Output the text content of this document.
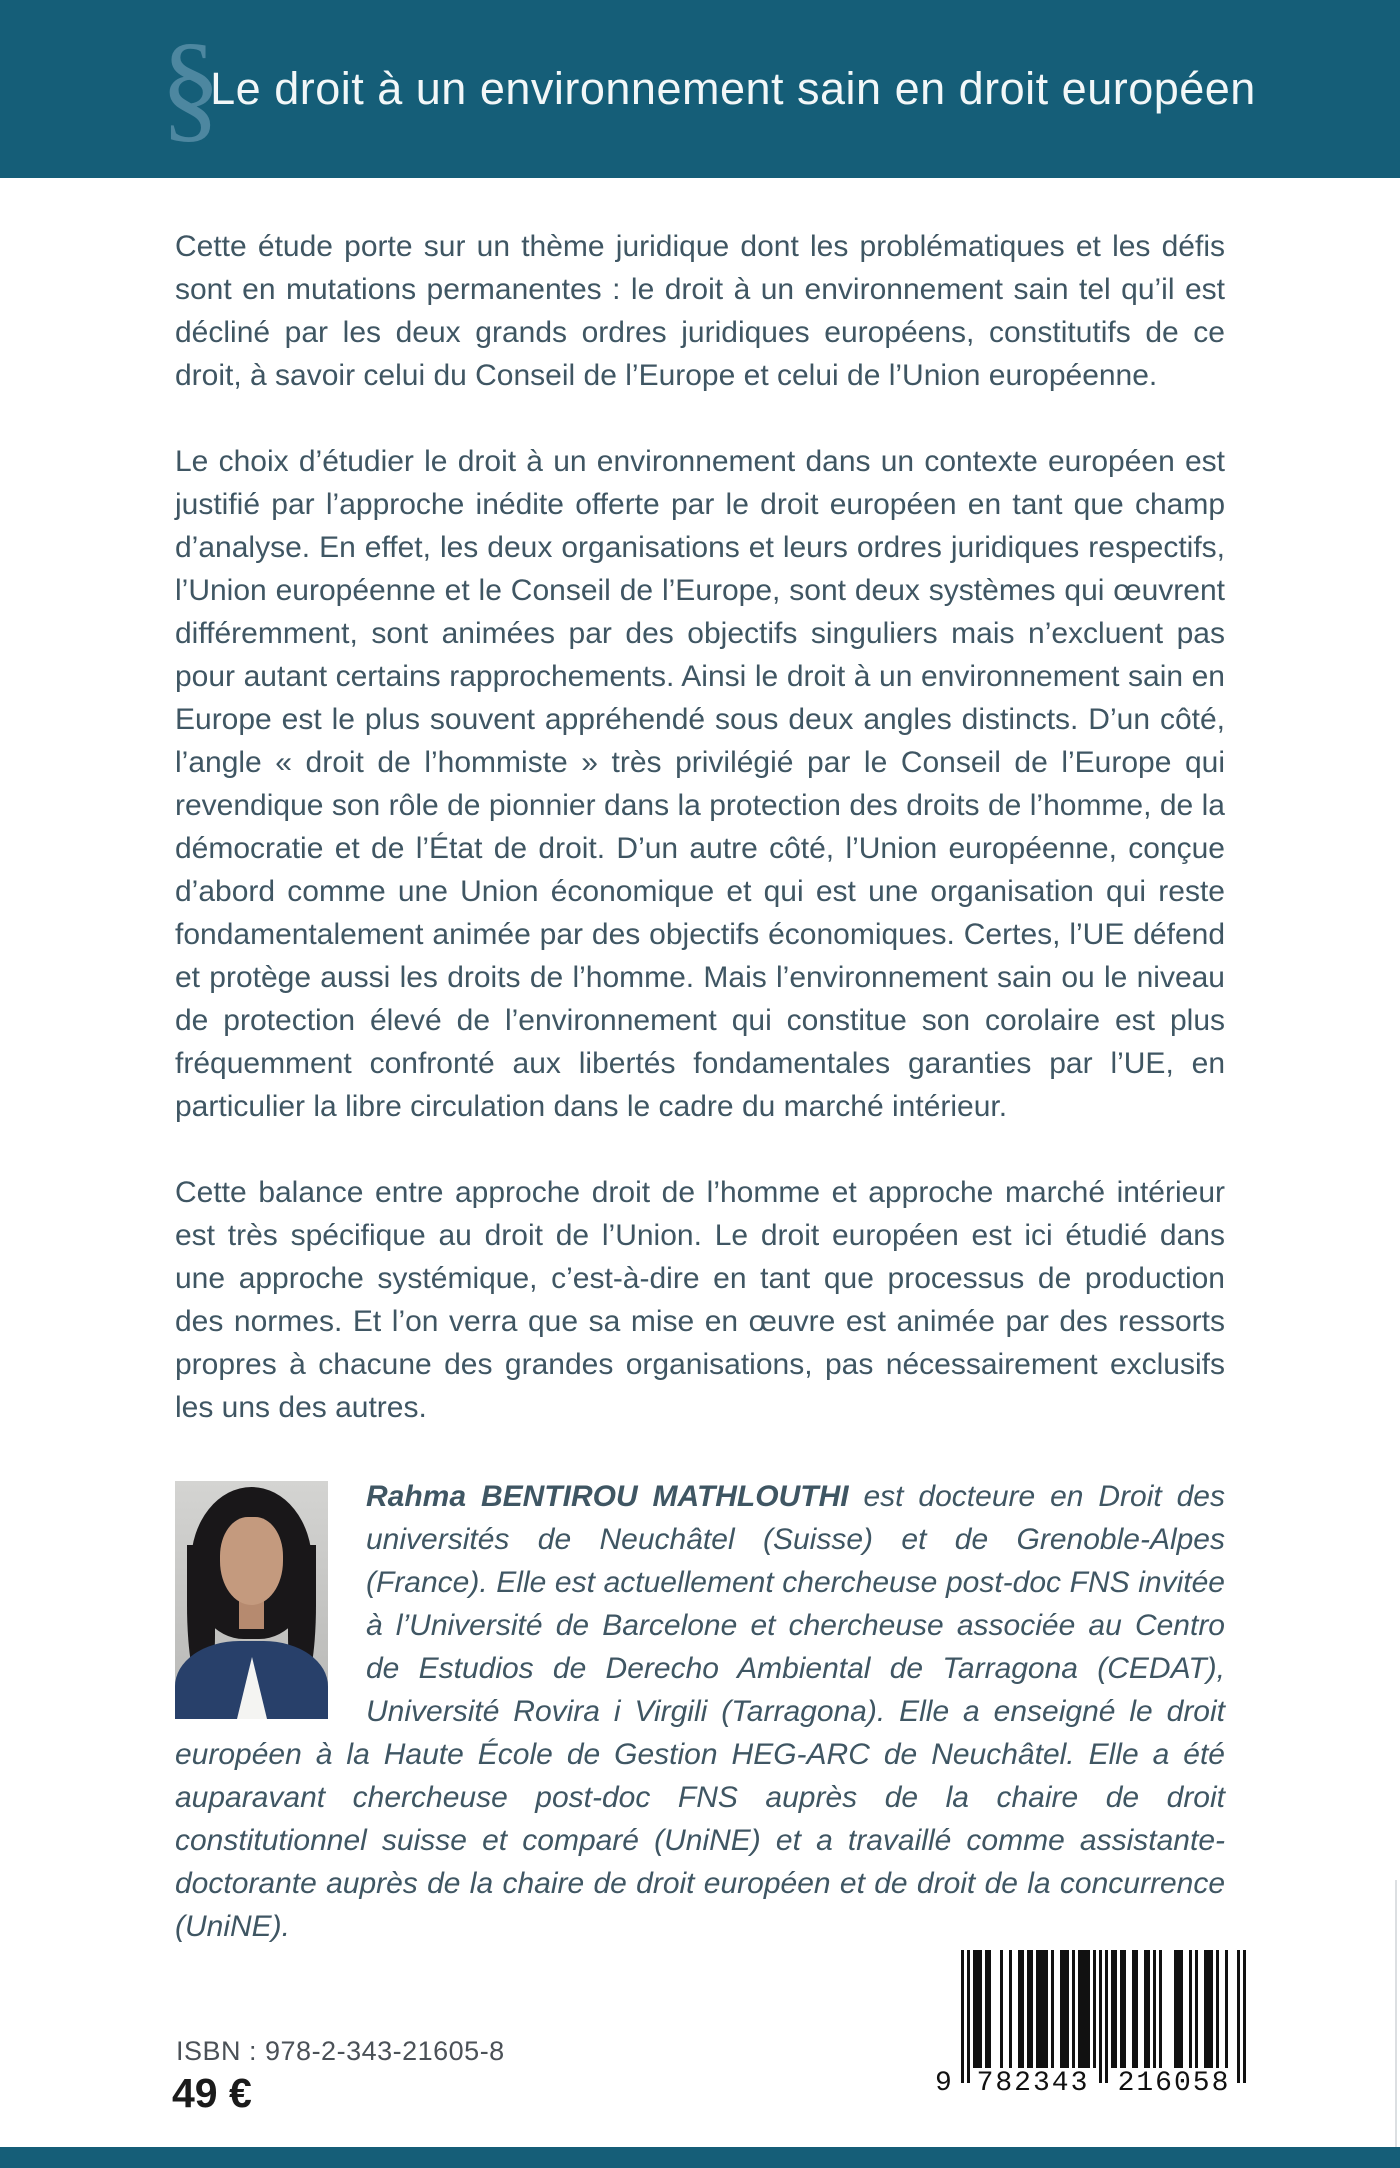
§
Le droit à un environnement sain en droit européen

Cette étude porte sur un thème juridique dont les problématiques et les défis sont en mutations permanentes : le droit à un environnement sain tel qu’il est décliné par les deux grands ordres juridiques européens, constitutifs de ce droit, à savoir celui du Conseil de l’Europe et celui de l’Union européenne.

Le choix d’étudier le droit à un environnement dans un contexte européen est justifié par l’approche inédite offerte par le droit européen en tant que champ d’analyse. En effet, les deux organisations et leurs ordres juridiques respectifs, l’Union européenne et le Conseil de l’Europe, sont deux systèmes qui œuvrent différemment, sont animées par des objectifs singuliers mais n’excluent pas pour autant certains rapprochements. Ainsi le droit à un environnement sain en Europe est le plus souvent appréhendé sous deux angles distincts. D’un côté, l’angle « droit de l’hommiste » très privilégié par le Conseil de l’Europe qui revendique son rôle de pionnier dans la protection des droits de l’homme, de la démocratie et de l’État de droit. D’un autre côté, l’Union européenne, conçue d’abord comme une Union économique et qui est une organisation qui reste fondamentalement animée par des objectifs économiques. Certes, l’UE défend et protège aussi les droits de l’homme. Mais l’environnement sain ou le niveau de protection élevé de l’environnement qui constitue son corolaire est plus fréquemment confronté aux libertés fondamentales garanties par l’UE, en particulier la libre circulation dans le cadre du marché intérieur.

Cette balance entre approche droit de l’homme et approche marché intérieur est très spécifique au droit de l’Union. Le droit européen est ici étudié dans une approche systémique, c’est-à-dire en tant que processus de production des normes. Et l’on verra que sa mise en œuvre est animée par des ressorts propres à chacune des grandes organisations, pas nécessairement exclusifs les uns des autres.

Rahma BENTIROU MATHLOUTHI est docteure en Droit des universités de Neuchâtel (Suisse) et de Grenoble-Alpes (France). Elle est actuellement chercheuse post-doc FNS invitée à l’Université de Barcelone et chercheuse associée au Centro de Estudios de Derecho Ambiental de Tarragona (CEDAT), Université Rovira i Virgili (Tarragona). Elle a enseigné le droit européen à la Haute École de Gestion HEG-ARC de Neuchâtel. Elle a été auparavant chercheuse post-doc FNS auprès de la chaire de droit constitutionnel suisse et comparé (UniNE) et a travaillé comme assistante-doctorante auprès de la chaire de droit européen et de droit de la concurrence (UniNE).
ISBN : 978-2-343-21605-8
49 €	9 782343 216058
